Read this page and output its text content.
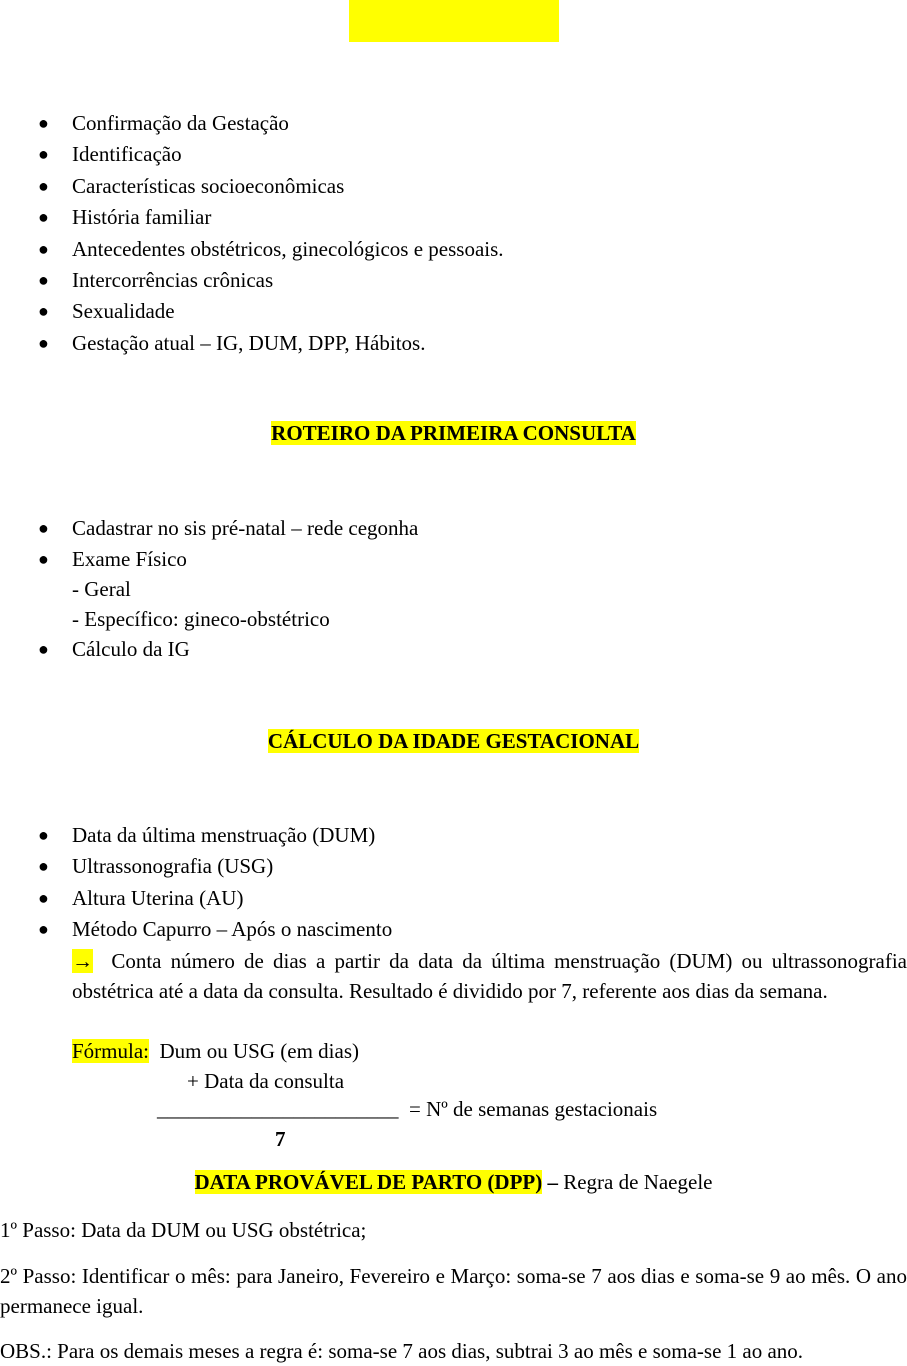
● Confirmação da Gestação
● Identificação
● Características socioeconômicas
● História familiar
● Antecedentes obstétricos, ginecológicos e pessoais.
● Intercorrências crônicas
● Sexualidade
● Gestação atual – IG, DUM, DPP, Hábitos.
ROTEIRO DA PRIMEIRA CONSULTA
● Cadastrar no sis pré-natal – rede cegonha
● Exame Físico
- Geral
- Específico: gineco-obstétrico
● Cálculo da IG
CÁLCULO DA IDADE GESTACIONAL
● Data da última menstruação (DUM)
● Ultrassonografia (USG)
● Altura Uterina (AU)
● Método Capurro – Após o nascimento
→ Conta número de dias a partir da data da última menstruação (DUM) ou ultrassonografia obstétrica até a data da consulta. Resultado é dividido por 7, referente aos dias da semana.
Fórmula: Dum ou USG (em dias)
+ Data da consulta
_______________________ = Nº de semanas gestacionais
7
DATA PROVÁVEL DE PARTO (DPP) – Regra de Naegele
1º Passo: Data da DUM ou USG obstétrica;
2º Passo: Identificar o mês: para Janeiro, Fevereiro e Março: soma-se 7 aos dias e soma-se 9 ao mês. O ano permanece igual.
OBS.: Para os demais meses a regra é: soma-se 7 aos dias, subtrai 3 ao mês e soma-se 1 ao ano.
